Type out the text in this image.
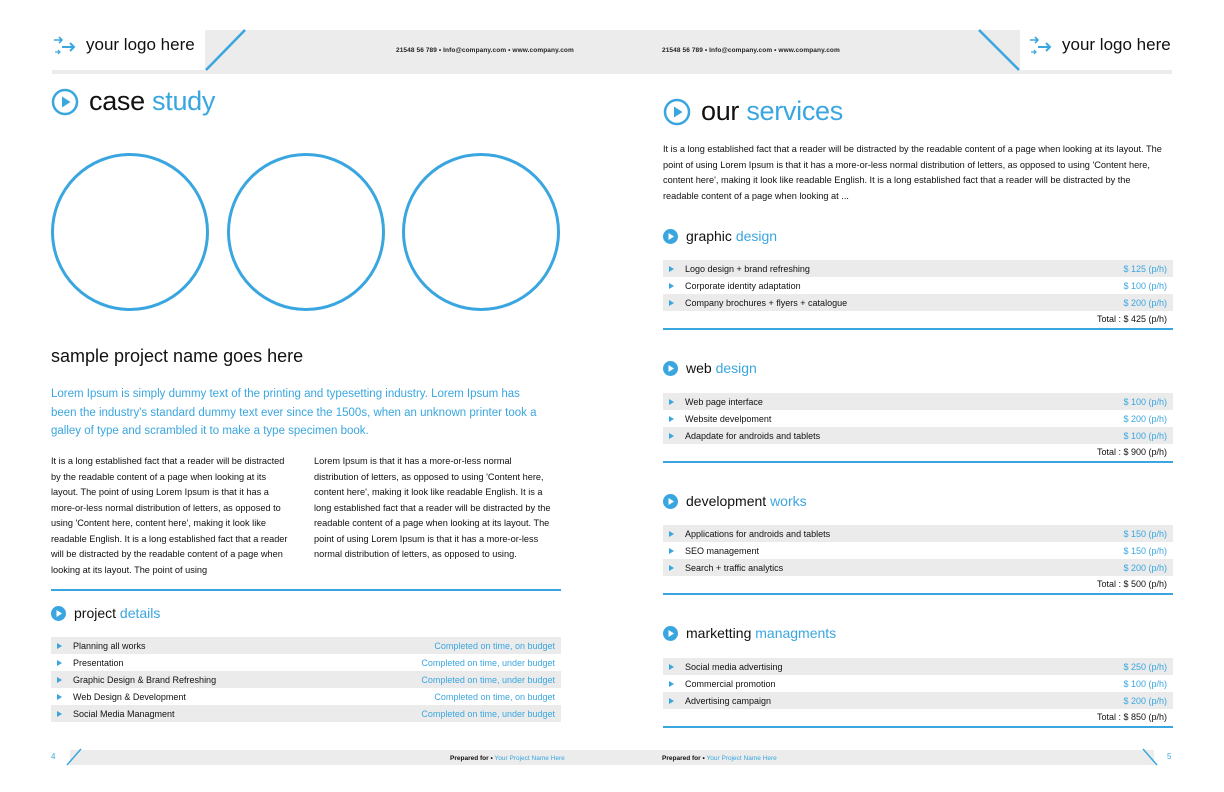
your logo here	your logo here
21548 56 789 • Info@company.com • www.company.com	21548 56 789 • Info@company.com • www.company.com
case study
sample project name goes here
Lorem Ipsum is simply dummy text of the printing and typesetting industry. Lorem Ipsum has been the industry's standard dummy text ever since the 1500s, when an unknown printer took a galley of type and scrambled it to make a type specimen book.
It is a long established fact that a reader will be distracted by the readable content of a page when looking at its layout. The point of using Lorem Ipsum is that it has a more-or-less normal distribution of letters, as opposed to using 'Content here, content here', making it look like readable English. It is a long established fact that a reader will be distracted by the readable content of a page when looking at its layout. The point of using
Lorem Ipsum is that it has a more-or-less normal distribution of letters, as opposed to using 'Content here, content here', making it look like readable English. It is a long established fact that a reader will be distracted by the readable content of a page when looking at its layout. The point of using Lorem Ipsum is that it has a more-or-less normal distribution of letters, as opposed to using.
project details
Planning all works	Completed on time, on budget
Presentation	Completed on time, under budget
Graphic Design & Brand Refreshing	Completed on time, under budget
Web Design & Development	Completed on time, on budget
Social Media Managment	Completed on time, under budget
our services
It is a long established fact that a reader will be distracted by the readable content of a page when looking at its layout. The point of using Lorem Ipsum is that it has a more-or-less normal distribution of letters, as opposed to using 'Content here, content here', making it look like readable English. It is a long established fact that a reader will be distracted by the readable content of a page when looking at ...
graphic design
Logo design + brand refreshing	$ 125 (p/h)
Corporate identity adaptation	$ 100 (p/h)
Company brochures + flyers + catalogue	$ 200 (p/h)
Total : $ 425 (p/h)
web design
Web page interface	$ 100 (p/h)
Website develpoment	$ 200 (p/h)
Adapdate for androids and tablets	$ 100 (p/h)
Total : $ 900 (p/h)
development works
Applications for androids and tablets	$ 150 (p/h)
SEO management	$ 150 (p/h)
Search + traffic analytics	$ 200 (p/h)
Total : $ 500 (p/h)
marketting managments
Social media advertising	$ 250 (p/h)
Commercial promotion	$ 100 (p/h)
Advertising campaign	$ 200 (p/h)
Total : $ 850 (p/h)
4	5
Prepared for • Your Project Name Here	Prepared for • Your Project Name Here
